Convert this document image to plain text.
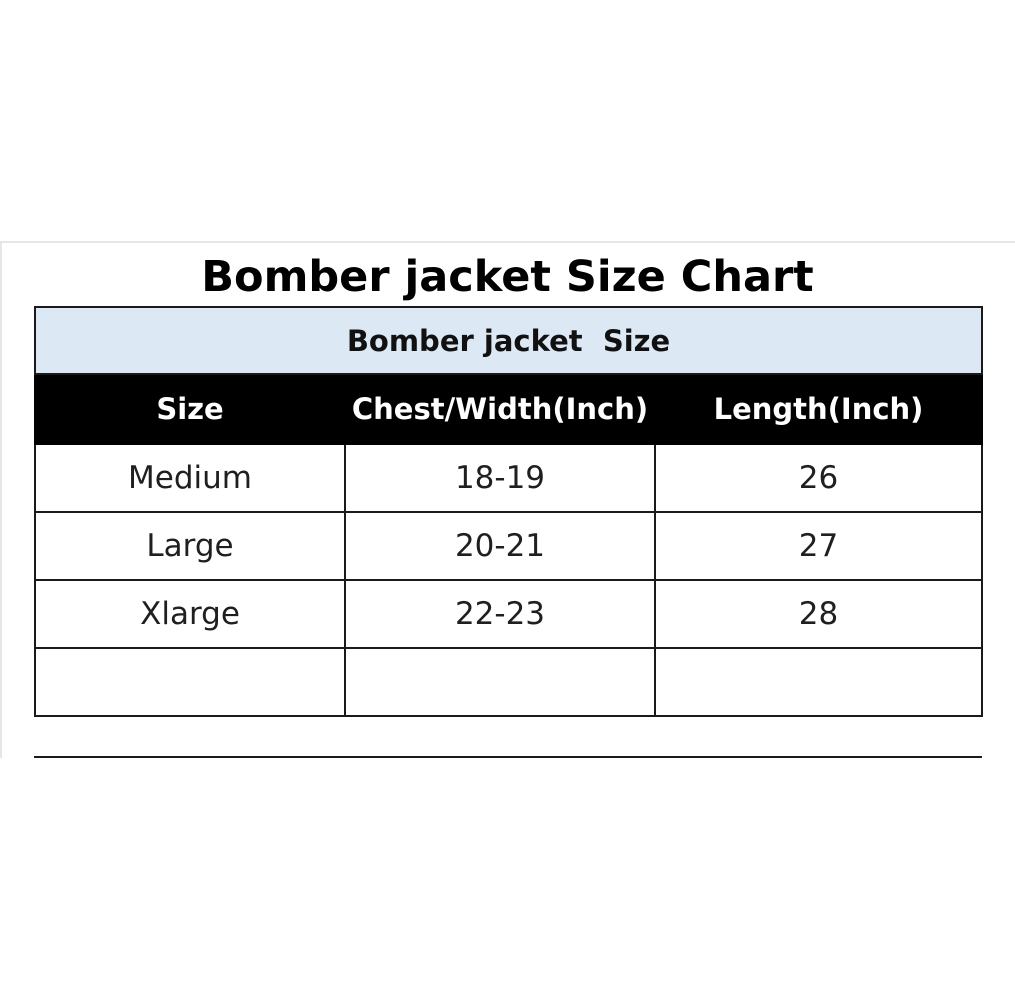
Bomber jacket Size Chart
Bomber jacket  Size		
Size	Chest/Width(Inch)	Length(Inch)
Medium	18-19	26
Large	20-21	27
Xlarge	22-23	28
